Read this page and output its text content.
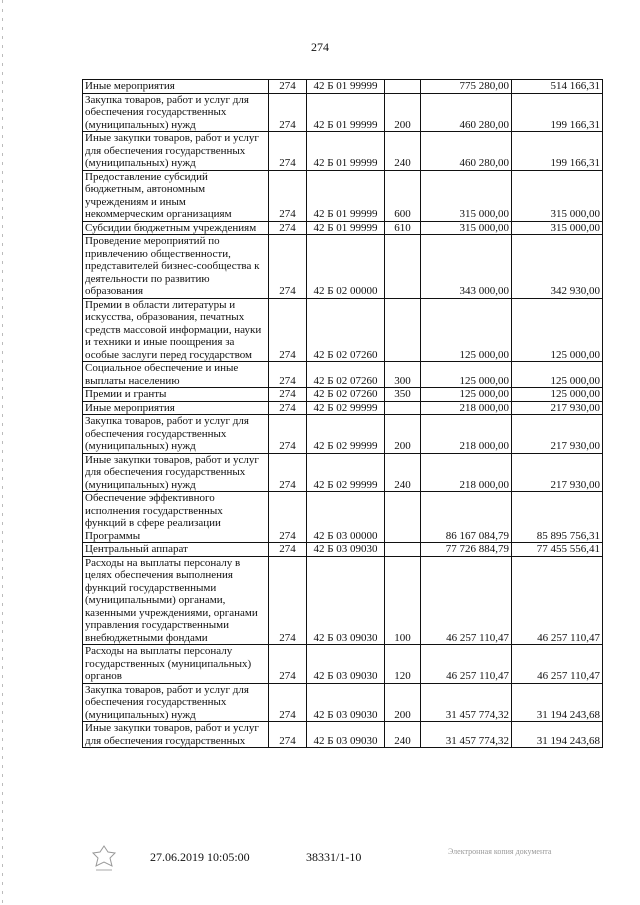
274
Иные мероприятия	274	42 Б 01 99999		775 280,00	514 166,31
Закупка товаров, работ и услуг для обеспечения государственных (муниципальных) нужд	274	42 Б 01 99999	200	460 280,00	199 166,31
Иные закупки товаров, работ и услуг для обеспечения государственных (муниципальных) нужд	274	42 Б 01 99999	240	460 280,00	199 166,31
Предоставление субсидий бюджетным, автономным учреждениям и иным некоммерческим организациям	274	42 Б 01 99999	600	315 000,00	315 000,00
Субсидии бюджетным учреждениям	274	42 Б 01 99999	610	315 000,00	315 000,00
Проведение мероприятий по привлечению общественности, представителей бизнес-сообщества к деятельности по развитию образования	274	42 Б 02 00000		343 000,00	342 930,00
Премии в области литературы и искусства, образования, печатных средств массовой информации, науки и техники и иные поощрения за особые заслуги перед государством	274	42 Б 02 07260		125 000,00	125 000,00
Социальное обеспечение и иные выплаты населению	274	42 Б 02 07260	300	125 000,00	125 000,00
Премии и гранты	274	42 Б 02 07260	350	125 000,00	125 000,00
Иные мероприятия	274	42 Б 02 99999		218 000,00	217 930,00
Закупка товаров, работ и услуг для обеспечения государственных (муниципальных) нужд	274	42 Б 02 99999	200	218 000,00	217 930,00
Иные закупки товаров, работ и услуг для обеспечения государственных (муниципальных) нужд	274	42 Б 02 99999	240	218 000,00	217 930,00
Обеспечение эффективного исполнения государственных функций в сфере реализации Программы	274	42 Б 03 00000		86 167 084,79	85 895 756,31
Центральный аппарат	274	42 Б 03 09030		77 726 884,79	77 455 556,41
Расходы на выплаты персоналу в целях обеспечения выполнения функций государственными (муниципальными) органами, казенными учреждениями, органами управления государственными внебюджетными фондами	274	42 Б 03 09030	100	46 257 110,47	46 257 110,47
Расходы на выплаты персоналу государственных (муниципальных) органов	274	42 Б 03 09030	120	46 257 110,47	46 257 110,47
Закупка товаров, работ и услуг для обеспечения государственных (муниципальных) нужд	274	42 Б 03 09030	200	31 457 774,32	31 194 243,68
Иные закупки товаров, работ и услуг для обеспечения государственных	274	42 Б 03 09030	240	31 457 774,32	31 194 243,68
27.06.2019 10:05:00	38331/1-10	Электронная копия документа
